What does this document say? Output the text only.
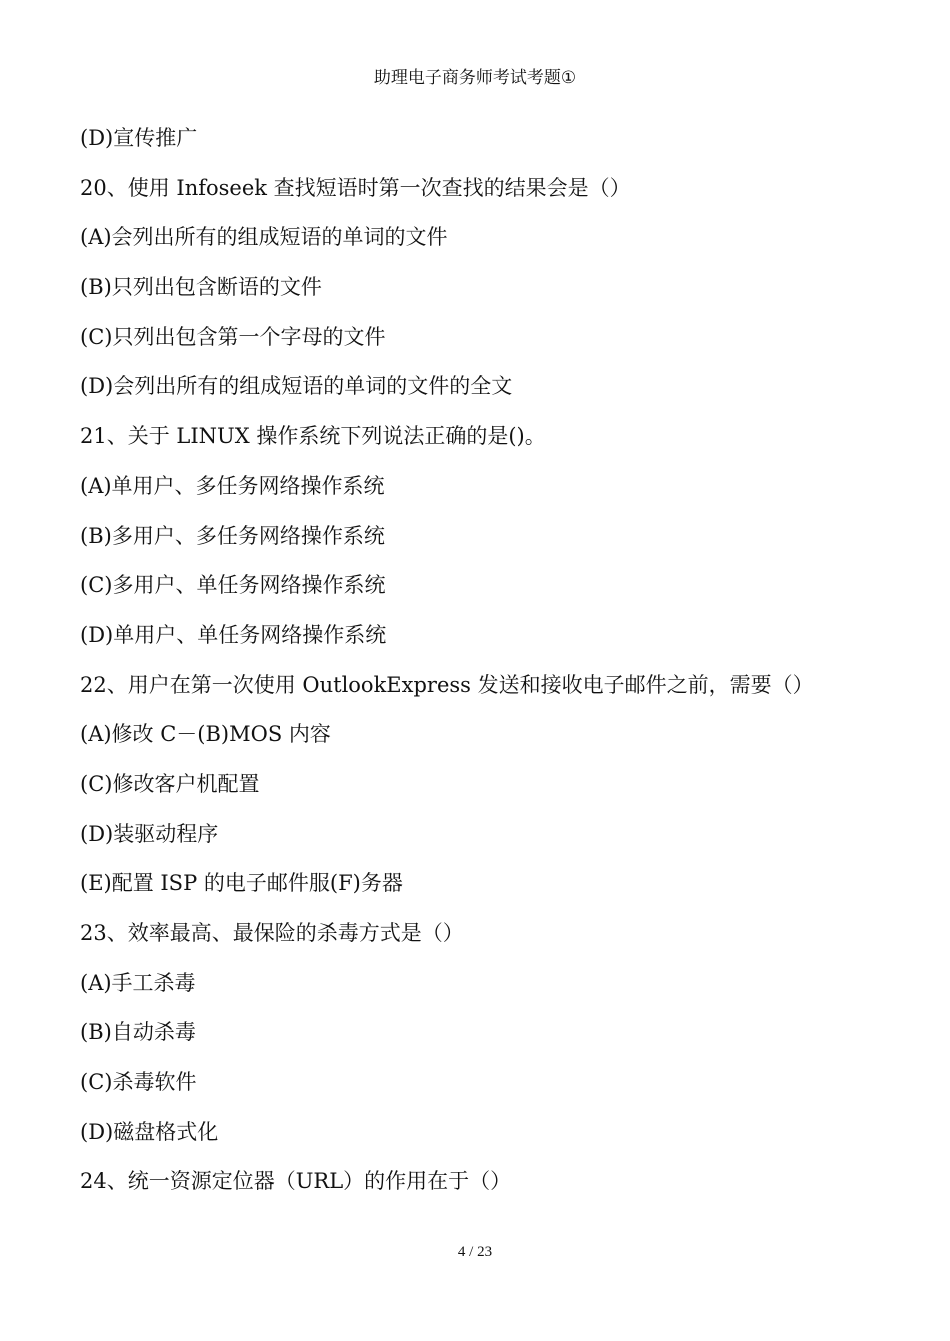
助理电子商务师考试考题①
(D)宣传推广
20、使用 Infoseek 查找短语时第一次查找的结果会是（）
(A)会列出所有的组成短语的单词的文件
(B)只列出包含断语的文件
(C)只列出包含第一个字母的文件
(D)会列出所有的组成短语的单词的文件的全文
21、关于 LINUX 操作系统下列说法正确的是()。
(A)单用户、多任务网络操作系统
(B)多用户、多任务网络操作系统
(C)多用户、单任务网络操作系统
(D)单用户、单任务网络操作系统
22、用户在第一次使用 OutlookExpress 发送和接收电子邮件之前，需要（）
(A)修改 C－(B)MOS 内容
(C)修改客户机配置
(D)装驱动程序
(E)配置 ISP 的电子邮件服(F)务器
23、效率最高、最保险的杀毒方式是（）
(A)手工杀毒
(B)自动杀毒
(C)杀毒软件
(D)磁盘格式化
24、统一资源定位器（URL）的作用在于（）
4 / 23
